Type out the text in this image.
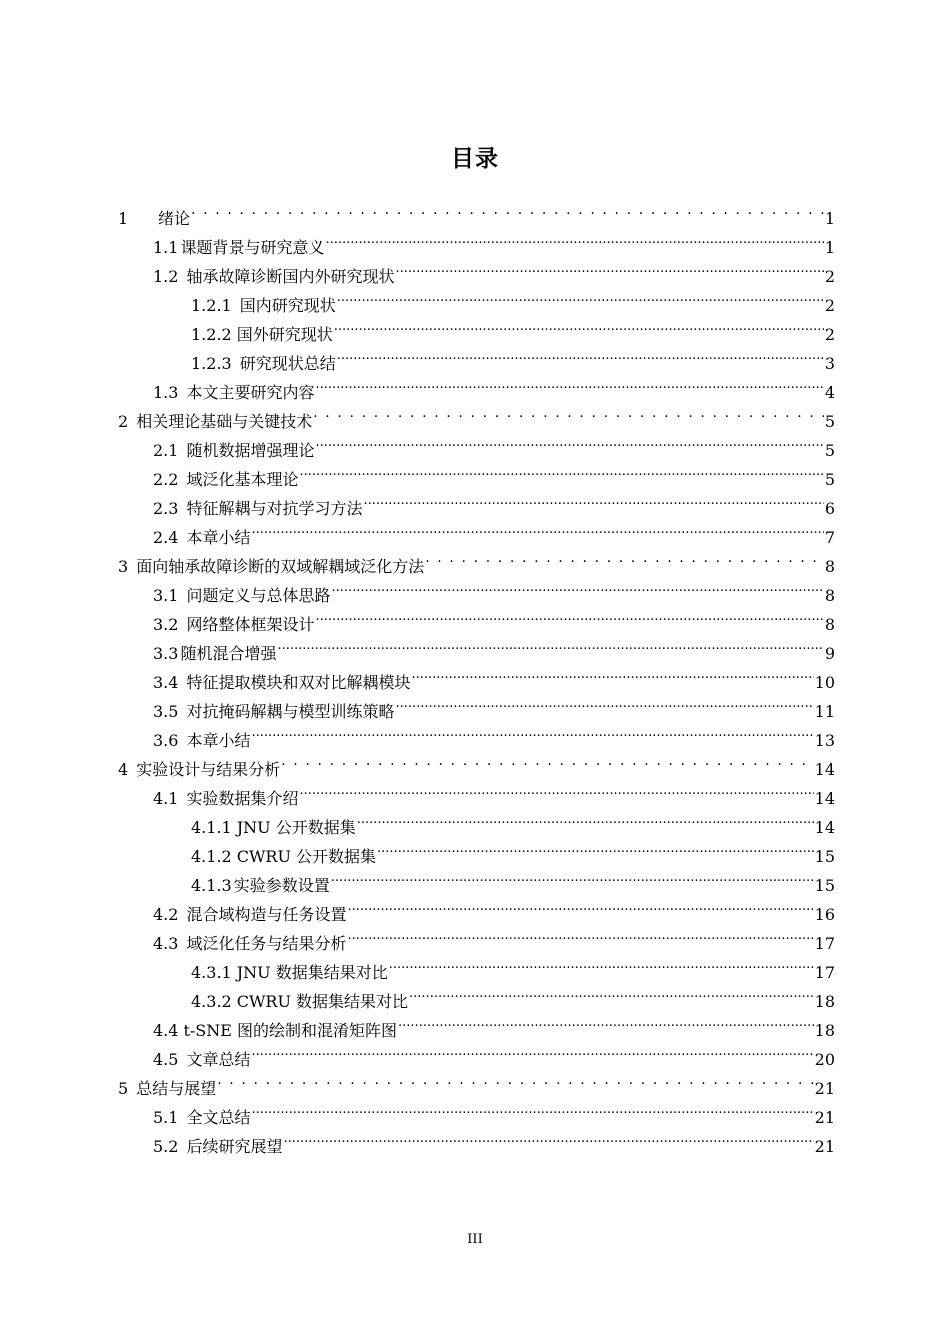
目录
1 绪论 . . .	1
1.1 课题背景与研究意义 .....	1
1.2 轴承故障诊断国内外研究现状 .....	2
1.2.1 国内研究现状 .....	2
1.2.2 国外研究现状 .....	2
1.2.3 研究现状总结 .....	3
1.3 本文主要研究内容 .....	4
2 相关理论基础与关键技术 . . .	5
2.1 随机数据增强理论 .....	5
2.2 域泛化基本理论 .....	5
2.3 特征解耦与对抗学习方法 .....	6
2.4 本章小结 .....	7
3 面向轴承故障诊断的双域解耦域泛化方法 . . .	8
3.1 问题定义与总体思路 .....	8
3.2 网络整体框架设计 .....	8
3.3 随机混合增强 .....	9
3.4 特征提取模块和双对比解耦模块 .....	10
3.5 对抗掩码解耦与模型训练策略 .....	11
3.6 本章小结 .....	13
4 实验设计与结果分析 . . .	14
4.1 实验数据集介绍 .....	14
4.1.1 JNU 公开数据集 .....	14
4.1.2 CWRU 公开数据集 .....	15
4.1.3 实验参数设置 .....	15
4.2 混合域构造与任务设置 .....	16
4.3 域泛化任务与结果分析 .....	17
4.3.1 JNU 数据集结果对比 .....	17
4.3.2 CWRU 数据集结果对比 .....	18
4.4 t-SNE 图的绘制和混淆矩阵图 .....	18
4.5 文章总结 .....	20
5 总结与展望 . . .	21
5.1 全文总结 .....	21
5.2 后续研究展望 .....	21
III
